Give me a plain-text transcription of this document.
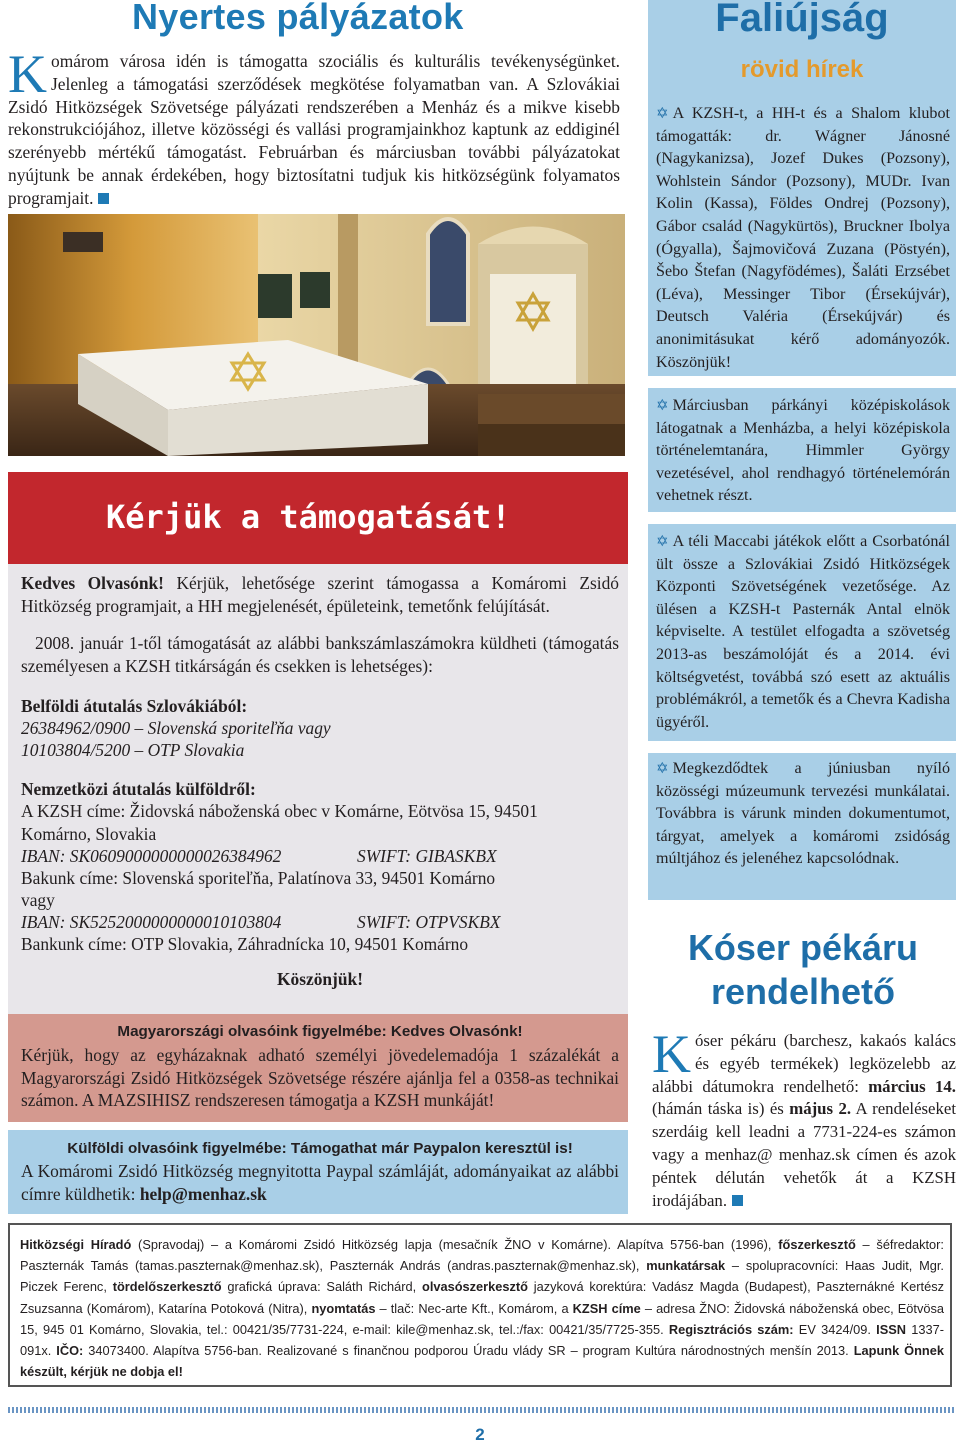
Nyertes pályázatok
Komárom városa idén is támogatta szociális és kulturális tevékenységünket. Jelenleg a támogatási szerződések megkötése folyamatban van. A Szlovákiai Zsidó Hitközségek Szövetsége pályázati rendszerében a Menház és a mikve kisebb rekonstrukciójához, illetve közösségi és vallási programjainkhoz kaptunk az eddiginél szerényebb mértékű támogatást. Februárban és márciusban további pályázatokat nyújtunk be annak érdekében, hogy biztosítatni tudjuk kis hitközségünk folyamatos programjait.
Kérjük a támogatását!
Kedves Olvasónk! Kérjük, lehetősége szerint támogassa a Komáromi Zsidó Hitközség programjait, a HH megjelenését, épületeink, temetőnk felújítását.
2008. január 1-től támogatását az alábbi bankszámlaszámokra küldheti (támogatás személyesen a KZSH titkárságán és csekken is lehetséges):
Belföldi átutalás Szlovákiából:
26384962/0900 – Slovenská sporiteľňa vagy
10103804/5200 – OTP Slovakia
Nemzetközi átutalás külföldről:
A KZSH címe: Židovská náboženská obec v Komárne, Eötvösa 15, 94501
Komárno, Slovakia
IBAN: SK0609000000000026384962	SWIFT: GIBASKBX
Bakunk címe: Slovenská sporiteľňa, Palatínova 33, 94501 Komárno
vagy
IBAN: SK5252000000000010103804	SWIFT: OTPVSKBX
Bankunk címe: OTP Slovakia, Záhradnícka 10, 94501 Komárno
Köszönjük!
Magyarországi olvasóink figyelmébe: Kedves Olvasónk!
Kérjük, hogy az egyházaknak adható személyi jövedelemadója 1 százalékát a Magyarországi Zsidó Hitközségek Szövetsége részére ajánlja fel a 0358-as technikai számon. A MAZSIHISZ rendszeresen támogatja a KZSH munkáját!
Külföldi olvasóink figyelmébe: Támogathat már Paypalon keresztül is!
A Komáromi Zsidó Hitközség megnyitotta Paypal számláját, adományaikat az alábbi címre küldhetik: help@menhaz.sk
Faliújság
rövid hírek
✡ A KZSH-t, a HH-t és a Shalom klubot támogatták: dr. Wágner Jánosné (Nagykanizsa), Jozef Dukes (Pozsony), Wohlstein Sándor (Pozsony), MUDr. Ivan Kolin (Kassa), Földes Ondrej (Pozsony), Gábor család (Nagykürtös), Bruckner Ibolya (Ógyalla), Šajmovičová Zuzana (Pöstyén), Šebo Štefan (Nagyfödémes), Šaláti Erzsébet (Léva), Messinger Tibor (Érsekújvár), Deutsch Valéria (Érsekújvár) és anonimitásukat kérő adományozók. Köszönjük!
✡ Márciusban párkányi középiskolások látogatnak a Menházba, a helyi középiskola történelemtanára, Himmler György vezetésével, ahol rendhagyó történelemórán vehetnek részt.
✡ A téli Maccabi játékok előtt a Csorbatónál ült össze a Szlovákiai Zsidó Hitközségek Központi Szövetségének vezetősége. Az ülésen a KZSH-t Pasternák Antal elnök képviselte. A testület elfogadta a szövetség 2013-as beszámolóját és a 2014. évi költségvetést, továbbá szó esett az aktuális problémákról, a temetők és a Chevra Kadisha ügyéről.
✡ Megkezdődtek a júniusban nyíló közösségi múzeumunk tervezési munkálatai. Továbbra is várunk minden dokumentumot, tárgyat, amelyek a komáromi zsidóság múltjához és jelenéhez kapcsolódnak.
Kóser pékáru rendelhető
Kóser pékáru (barchesz, kakaós kalács és egyéb termékek) legközelebb az alábbi dátumokra rendelhető: március 14. (hámán táska is) és május 2. A rendeléseket szerdáig kell leadni a 7731-224-es számon vagy a menhaz@ menhaz.sk címen és azok péntek délután vehetők át a KZSH irodájában.
Hitközségi Híradó (Spravodaj) – a Komáromi Zsidó Hitközség lapja (mesačník ŽNO v Komárne). Alapítva 5756-ban (1996), főszerkesztő – šéfredaktor: Paszternák Tamás (tamas.paszternak@menhaz.sk), Paszternák András (andras.paszternak@menhaz.sk), munkatársak – spolupracovníci: Haas Judit, Mgr. Piczek Ferenc, tördelőszerkesztő grafická úprava: Saláth Richárd, olvasószerkesztő jazyková korektúra: Vadász Magda (Budapest), Paszternákné Kertész Zsuzsanna (Komárom), Katarína Potoková (Nitra), nyomtatás – tlač: Nec-arte Kft., Komárom, a KZSH címe – adresa ŽNO: Židovská náboženská obec, Eötvösa 15, 945 01 Komárno, Slovakia, tel.: 00421/35/7731-224, e-mail: kile@menhaz.sk, tel.:/fax: 00421/35/7725-355. Regisztrációs szám: EV 3424/09. ISSN 1337-091x. IČO: 34073400. Alapítva 5756-ban. Realizované s finančnou podporou Úradu vlády SR – program Kultúra národnostných menšín 2013. Lapunk Önnek készült, kérjük ne dobja el!
2
